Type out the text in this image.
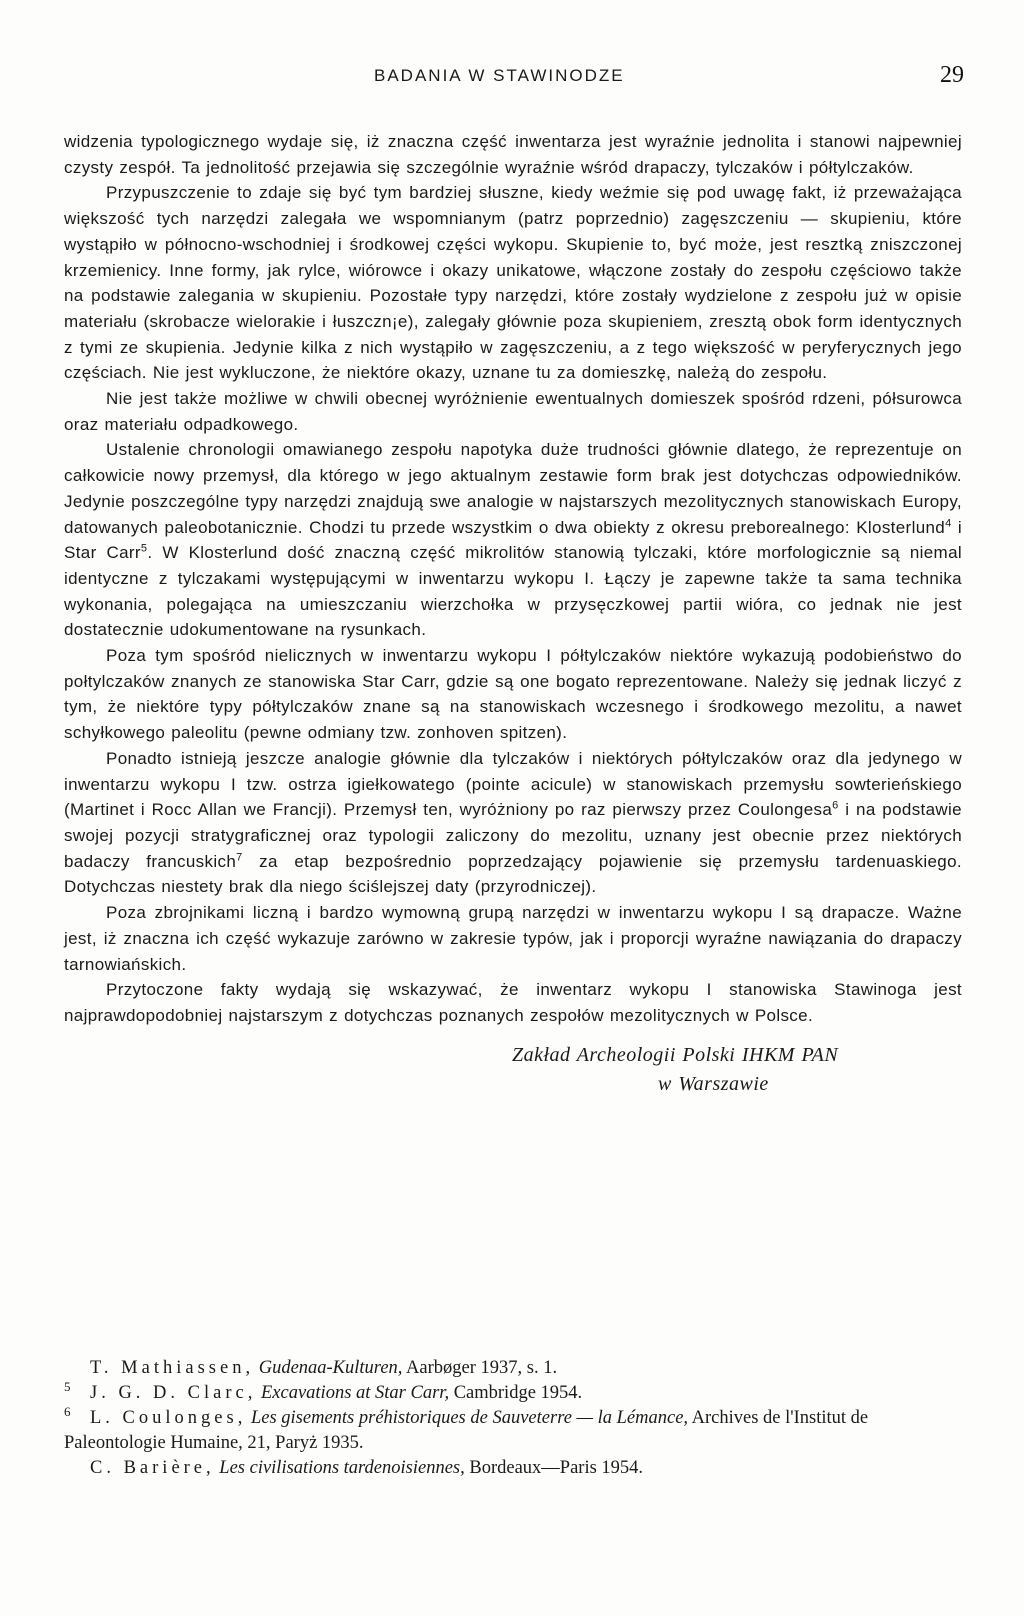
BADANIA W STAWINODZE	29

widzenia typologicznego wydaje się, iż znaczna część inwentarza jest wyraźnie jednolita i stanowi najpewniej czysty zespół. Ta jednolitość przejawia się szczególnie wyraźnie wśród drapaczy, tylczaków i półtylczaków.

Przypuszczenie to zdaje się być tym bardziej słuszne, kiedy weźmie się pod uwagę fakt, iż przeważająca większość tych narzędzi zalegała we wspomnianym (patrz poprzednio) zagęszczeniu — skupieniu, które wystąpiło w północno-wschodniej i środkowej części wykopu. Skupienie to, być może, jest resztką zniszczonej krzemienicy. Inne formy, jak rylce, wiórowce i okazy unikatowe, włączone zostały do zespołu częściowo także na podstawie zalegania w skupieniu. Pozostałe typy narzędzi, które zostały wydzielone z zespołu już w opisie materiału (skrobacze wielorakie i łuszczn¡e), zalegały głównie poza skupieniem, zresztą obok form identycznych z tymi ze skupienia. Jedynie kilka z nich wystąpiło w zagęszczeniu, a z tego większość w peryferycznych jego częściach. Nie jest wykluczone, że niektóre okazy, uznane tu za domieszkę, należą do zespołu.

Nie jest także możliwe w chwili obecnej wyróżnienie ewentualnych domieszek spośród rdzeni, półsurowca oraz materiału odpadkowego.

Ustalenie chronologii omawianego zespołu napotyka duże trudności głównie dlatego, że reprezentuje on całkowicie nowy przemysł, dla którego w jego aktualnym zestawie form brak jest dotychczas odpowiedników. Jedynie poszczególne typy narzędzi znajdują swe analogie w najstarszych mezolitycznych stanowiskach Europy, datowanych paleobotanicznie. Chodzi tu przede wszystkim o dwa obiekty z okresu preborealnego: Klosterlund$^4$ i Star Carr$^5$. W Klosterlund dość znaczną część mikrolitów stanowią tylczaki, które morfologicznie są niemal identyczne z tylczakami występującymi w inwentarzu wykopu I. Łączy je zapewne także ta sama technika wykonania, polegająca na umieszczaniu wierzchołka w przysęczkowej partii wióra, co jednak nie jest dostatecznie udokumentowane na rysunkach.

Poza tym spośród nielicznych w inwentarzu wykopu I półtylczaków niektóre wykazują podobieństwo do połtylczaków znanych ze stanowiska Star Carr, gdzie są one bogato reprezentowane. Należy się jednak liczyć z tym, że niektóre typy półtylczaków znane są na stanowiskach wczesnego i środkowego mezolitu, a nawet schyłkowego paleolitu (pewne odmiany tzw. zonhoven spitzen).

Ponadto istnieją jeszcze analogie głównie dla tylczaków i niektórych półtylczaków oraz dla jedynego w inwentarzu wykopu I tzw. ostrza igiełkowatego (pointe acicule) w stanowiskach przemysłu sowterieńskiego (Martinet i Rocc Allan we Francji). Przemysł ten, wyróżniony po raz pierwszy przez Coulongesa$^6$ i na podstawie swojej pozycji stratygraficznej oraz typologii zaliczony do mezolitu, uznany jest obecnie przez niektórych badaczy francuskich$^7$ za etap bezpośrednio poprzedzający pojawienie się przemysłu tardenuaskiego. Dotychczas niestety brak dla niego ściślejszej daty (przyrodniczej).

Poza zbrojnikami liczną i bardzo wymowną grupą narzędzi w inwentarzu wykopu I są drapacze. Ważne jest, iż znaczna ich część wykazuje zarówno w zakresie typów, jak i proporcji wyraźne nawiązania do drapaczy tarnowiańskich.

Przytoczone fakty wydają się wskazywać, że inwentarz wykopu I stanowiska Stawinoga jest najprawdopodobniej najstarszym z dotychczas poznanych zespołów mezolitycznych w Polsce.

Zakład Archeologii Polski IHKM PAN
w Warszawie

T. Mathiassen, Gudenaa-Kulturen, Aarbøger 1937, s. 1.

5 J. G. D. Clarc, Excavations at Star Carr, Cambridge 1954.

6 L. Coulonges, Les gisements préhistoriques de Sauveterre — la Lémance, Archives de l'Institut de Paleontologie Humaine, 21, Paryż 1935.

C. Barière, Les civilisations tardenoisiennes, Bordeaux—Paris 1954.
